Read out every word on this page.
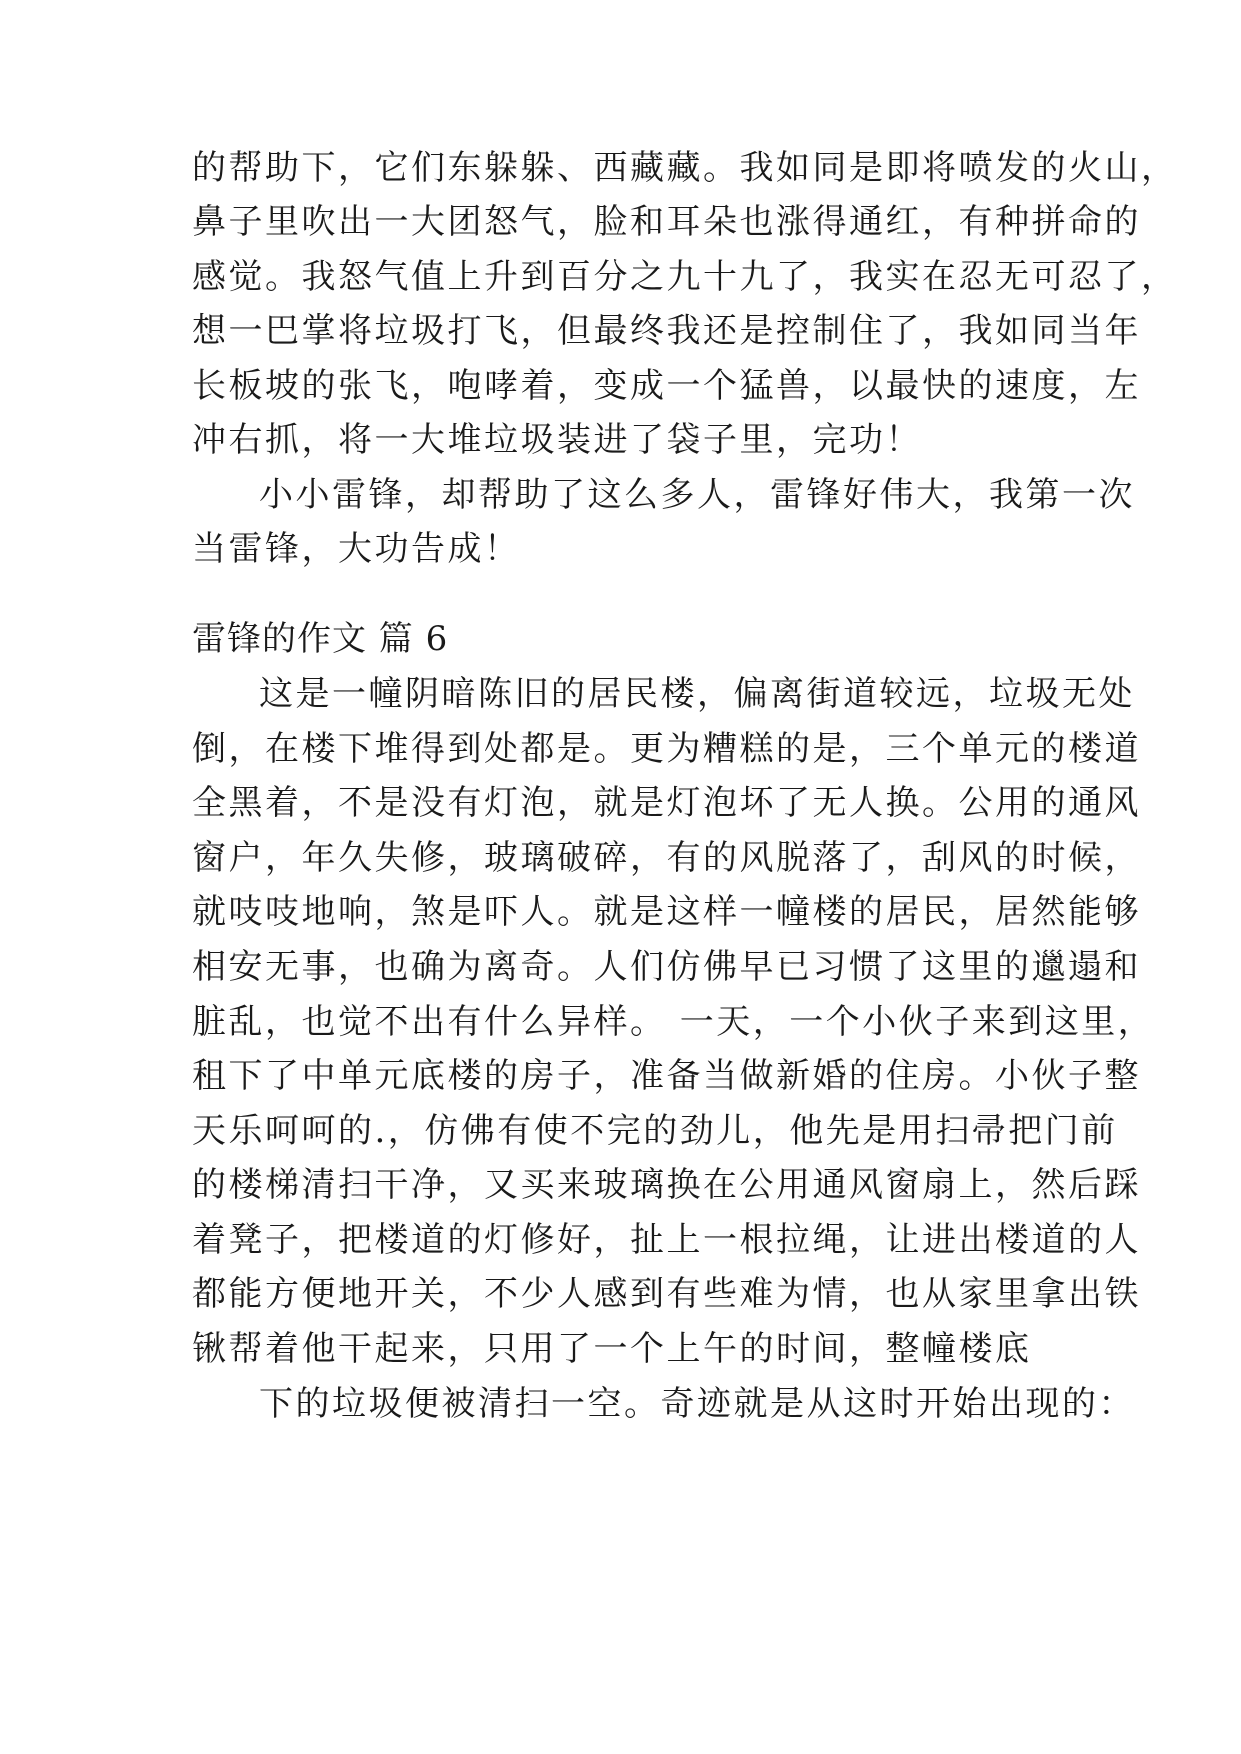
的帮助下，它们东躲躲、西藏藏。我如同是即将喷发的火山，
鼻子里吹出一大团怒气，脸和耳朵也涨得通红，有种拼命的
感觉。我怒气值上升到百分之九十九了，我实在忍无可忍了，
想一巴掌将垃圾打飞，但最终我还是控制住了，我如同当年
长板坡的张飞，咆哮着，变成一个猛兽，以最快的速度，左
冲右抓，将一大堆垃圾装进了袋子里，完功！
小小雷锋，却帮助了这么多人，雷锋好伟大，我第一次
当雷锋，大功告成！
雷锋的作文 篇 6
这是一幢阴暗陈旧的居民楼，偏离街道较远，垃圾无处
倒，在楼下堆得到处都是。更为糟糕的是，三个单元的楼道
全黑着，不是没有灯泡，就是灯泡坏了无人换。公用的通风
窗户，年久失修，玻璃破碎，有的风脱落了，刮风的时候，
就吱吱地响，煞是吓人。就是这样一幢楼的居民，居然能够
相安无事，也确为离奇。人们仿佛早已习惯了这里的邋遢和
脏乱，也觉不出有什么异样。 一天，一个小伙子来到这里，
租下了中单元底楼的房子，准备当做新婚的住房。小伙子整
天乐呵呵的.，仿佛有使不完的劲儿，他先是用扫帚把门前
的楼梯清扫干净，又买来玻璃换在公用通风窗扇上，然后踩
着凳子，把楼道的灯修好，扯上一根拉绳，让进出楼道的人
都能方便地开关，不少人感到有些难为情，也从家里拿出铁
锹帮着他干起来，只用了一个上午的时间，整幢楼底
下的垃圾便被清扫一空。奇迹就是从这时开始出现的：
